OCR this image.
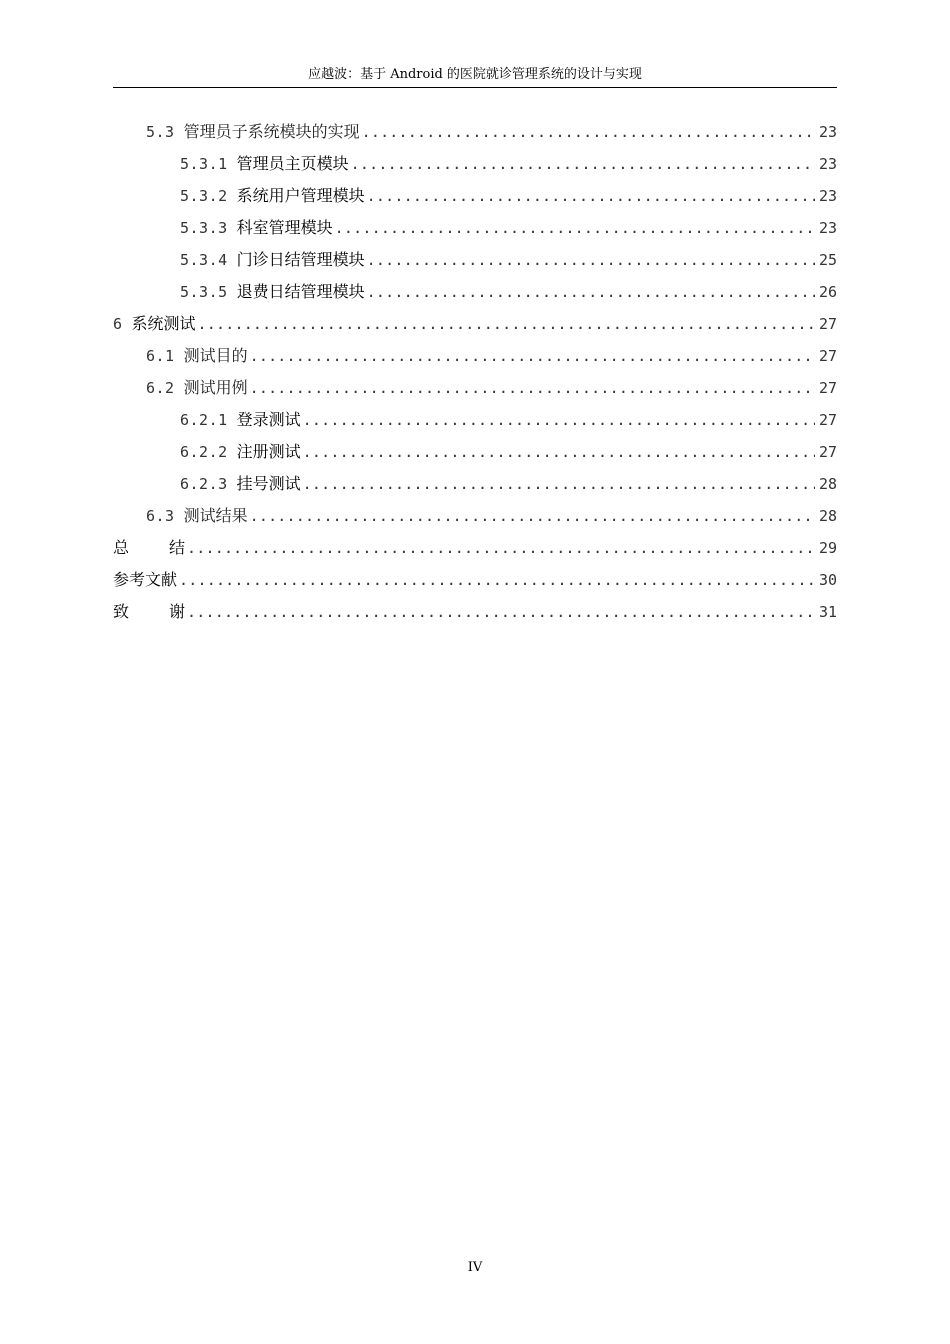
应越波：基于 Android 的医院就诊管理系统的设计与实现
5.3 管理员子系统模块的实现 .....	23
5.3.1 管理员主页模块 .....	23
5.3.2 系统用户管理模块 .....	23
5.3.3 科室管理模块 .....	23
5.3.4 门诊日结管理模块 .....	25
5.3.5 退费日结管理模块 .....	26
6 系统测试 .....	27
6.1 测试目的 .....	27
6.2 测试用例 .....	27
6.2.1 登录测试 .....	27
6.2.2 注册测试 .....	27
6.2.3 挂号测试 .....	28
6.3 测试结果 .....	28
总结 .....	29
参考文献 .....	30
致谢 .....	31
IV
